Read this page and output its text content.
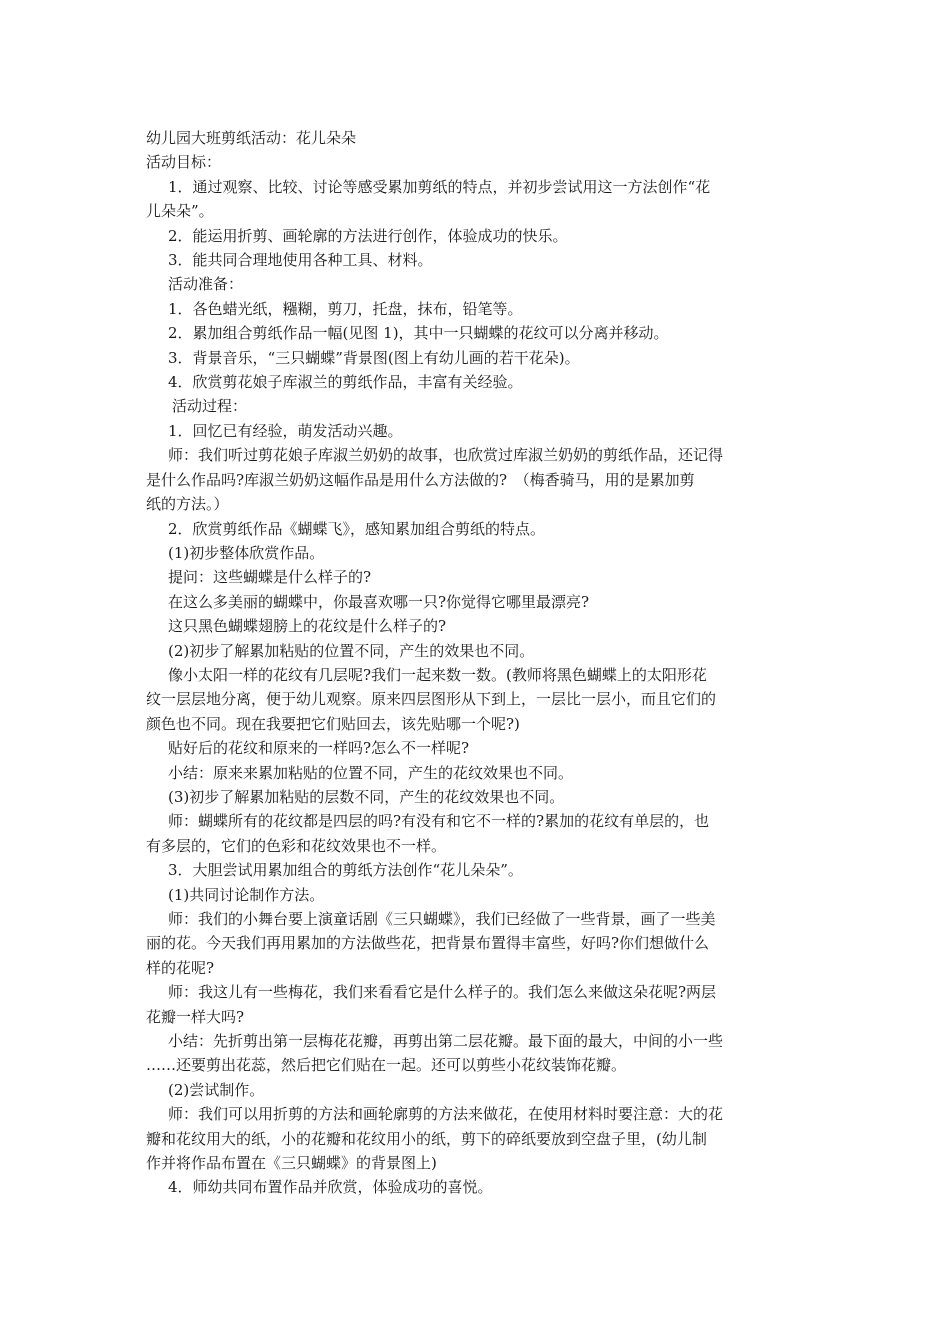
幼儿园大班剪纸活动：花儿朵朵
活动目标：
1．通过观察、比较、讨论等感受累加剪纸的特点，并初步尝试用这一方法创作“花
儿朵朵”。
2．能运用折剪、画轮廓的方法进行创作，体验成功的快乐。
3．能共同合理地使用各种工具、材料。
活动准备：
1．各色蜡光纸，糨糊，剪刀，托盘，抹布，铅笔等。
2．累加组合剪纸作品一幅(见图 1)，其中一只蝴蝶的花纹可以分离并移动。
3．背景音乐，“三只蝴蝶”背景图(图上有幼儿画的若干花朵)。
4．欣赏剪花娘子库淑兰的剪纸作品，丰富有关经验。
活动过程：
1．回忆已有经验，萌发活动兴趣。
师：我们听过剪花娘子库淑兰奶奶的故事，也欣赏过库淑兰奶奶的剪纸作品，还记得
是什么作品吗?库淑兰奶奶这幅作品是用什么方法做的?　（梅香骑马，用的是累加剪
纸的方法。）
2．欣赏剪纸作品《蝴蝶飞》，感知累加组合剪纸的特点。
(1)初步整体欣赏作品。
提问：这些蝴蝶是什么样子的?
在这么多美丽的蝴蝶中，你最喜欢哪一只?你觉得它哪里最漂亮?
这只黑色蝴蝶翅膀上的花纹是什么样子的?
(2)初步了解累加粘贴的位置不同，产生的效果也不同。
像小太阳一样的花纹有几层呢?我们一起来数一数。(教师将黑色蝴蝶上的太阳形花
纹一层层地分离，便于幼儿观察。原来四层图形从下到上，一层比一层小，而且它们的
颜色也不同。现在我要把它们贴回去，该先贴哪一个呢?)
贴好后的花纹和原来的一样吗?怎么不一样呢?
小结：原来来累加粘贴的位置不同，产生的花纹效果也不同。
(3)初步了解累加粘贴的层数不同，产生的花纹效果也不同。
师：蝴蝶所有的花纹都是四层的吗?有没有和它不一样的?累加的花纹有单层的，也
有多层的，它们的色彩和花纹效果也不一样。
3．大胆尝试用累加组合的剪纸方法创作“花儿朵朵”。
(1)共同讨论制作方法。
师：我们的小舞台要上演童话剧《三只蝴蝶》，我们已经做了一些背景，画了一些美
丽的花。今天我们再用累加的方法做些花，把背景布置得丰富些，好吗?你们想做什么
样的花呢?
师：我这儿有一些梅花，我们来看看它是什么样子的。我们怎么来做这朵花呢?两层
花瓣一样大吗?
小结：先折剪出第一层梅花花瓣，再剪出第二层花瓣。最下面的最大，中间的小一些
……还要剪出花蕊，然后把它们贴在一起。还可以剪些小花纹装饰花瓣。
(2)尝试制作。
师：我们可以用折剪的方法和画轮廓剪的方法来做花，在使用材料时要注意：大的花
瓣和花纹用大的纸，小的花瓣和花纹用小的纸，剪下的碎纸要放到空盘子里，(幼儿制
作并将作品布置在《三只蝴蝶》的背景图上)
4．师幼共同布置作品并欣赏，体验成功的喜悦。
